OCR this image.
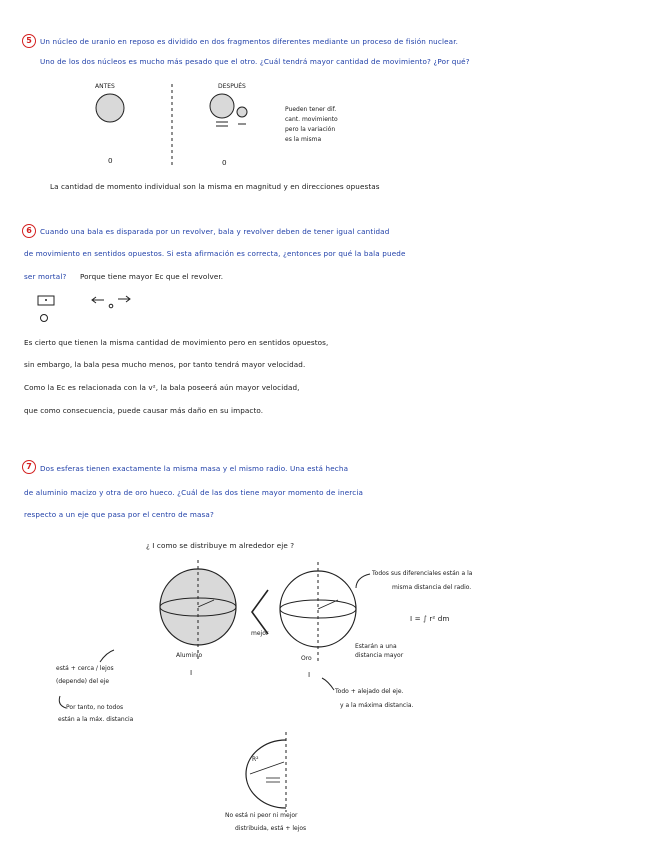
5	Un núcleo de uranio en reposo es dividido en dos fragmentos diferentes mediante un proceso de fisión nuclear.
Uno de los dos núcleos es mucho más pesado que el otro. ¿Cuál tendrá mayor cantidad de movimiento? ¿Por qué?
ANTES	DESPUÉS
0	0
Pueden tener dif.
cant. movimiento
pero la variación
es la misma
La cantidad de momento individual son la misma en magnitud y en direcciones opuestas
6	Cuando una bala es disparada por un revolver, bala y revolver deben de tener igual cantidad
de movimiento en sentidos opuestos. Si esta afirmación es correcta, ¿entonces por qué la bala puede
ser mortal? Porque tiene mayor Ec que el revolver.
Es cierto que tienen la misma cantidad de movimiento pero en sentidos opuestos,
sin embargo, la bala pesa mucho menos, por tanto tendrá mayor velocidad.
Como la Ec es relacionada con la v², la bala poseerá aún mayor velocidad,
que como consecuencia, puede causar más daño en su impacto.
7	Dos esferas tienen exactamente la misma masa y el mismo radio. Una está hecha
de aluminio macizo y otra de oro hueco. ¿Cuál de las dos tiene mayor momento de inercia
respecto a un eje que pasa por el centro de masa?
¿ I como se distribuye m alrededor eje ?
Aluminio	Oro
I	I
mejor
Todos sus diferenciales están a la
misma distancia del radio.
I = ∫ r² dm
Estarán a una
distancia mayor
está + cerca / lejos
(depende) del eje
Por tanto, no todos
están a la máx. distancia
Todo + alejado del eje.
y a la máxima distancia.
R²
No está ni peor ni mejor
distribuida, está + lejos
